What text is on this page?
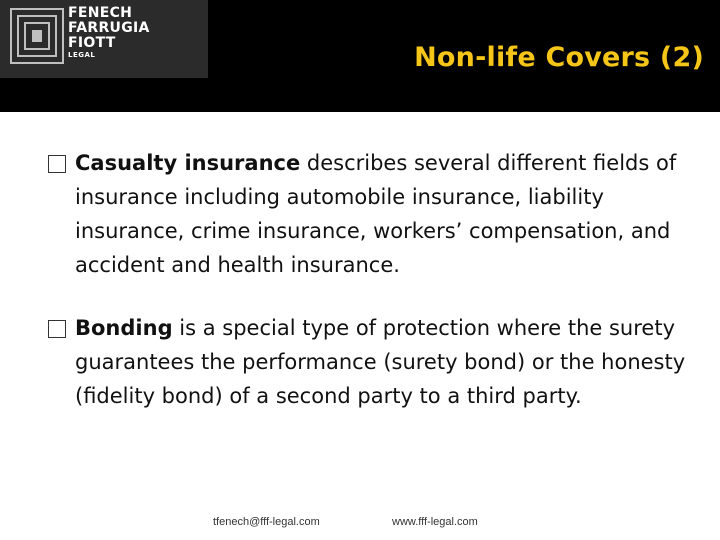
FENECH
FARRUGIA
FIOTT

LEGAL	Non-life Covers (2)
Casualty insurance describes several different fields of insurance including automobile insurance, liability insurance, crime insurance, workers’ compensation, and accident and health insurance.
Bonding is a special type of protection where the surety guarantees the performance (surety bond) or the honesty (fidelity bond) of a second party to a third party.
tfenech@fff-legal.com	www.fff-legal.com
